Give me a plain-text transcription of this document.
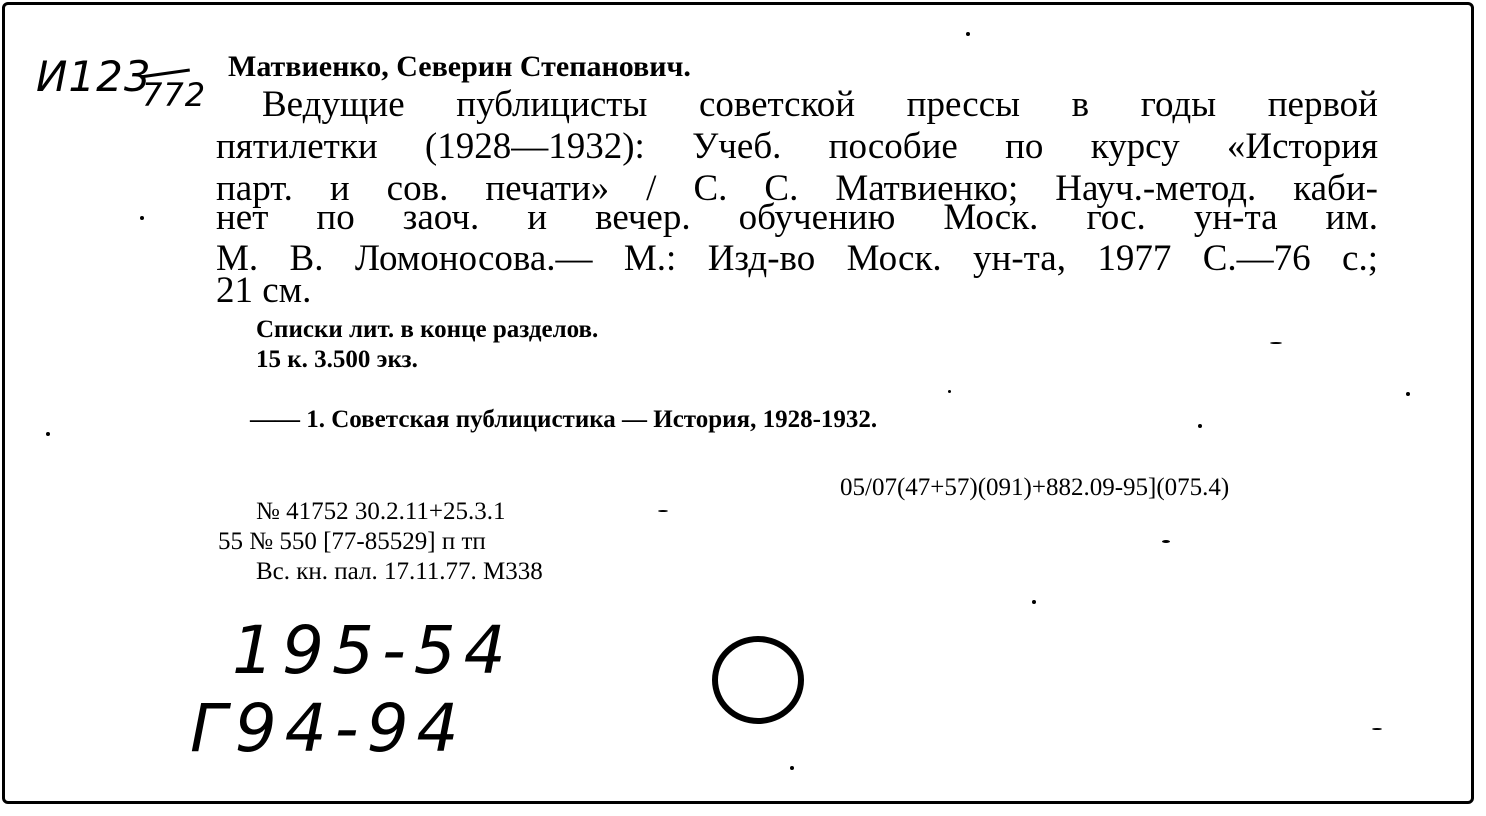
И123
772
Матвиенко, Северин Степанович.

Ведущие публицисты советской прессы в годы первой

пятилетки (1928—1932): Учеб. пособие по курсу «История

парт. и сов. печати» / С. С. Матвиенко; Науч.-метод. каби-

нет по заоч. и вечер. обучению Моск. гос. ун-та им.

М. В. Ломоносова.— М.: Изд-во Моск. ун-та, 1977 С.—76 с.;

21 см.

Списки лит. в конце разделов.
15 к. 3.500 экз.
—— 1. Советская публицистика — История, 1928-1932.
05/07(47+57)(091)+882.09-95](075.4)
№ 41752 30.2.11+25.3.1
55 № 550 [77-85529] п тп
Вс. кн. пал. 17.11.77. М338
195-54
Г94-94
